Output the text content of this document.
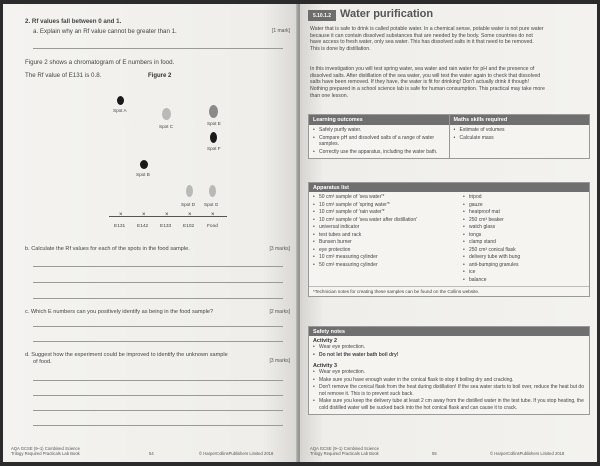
2. Rf values fall between 0 and 1.
a. Explain why an Rf value cannot be greater than 1.	[1 mark]
Figure 2 shows a chromatogram of E numbers in food.
The Rf value of E131 is 0.8.	Figure 2
Spot A
Spot C
Spot E
Spot F
Spot B
Spot D Spot G
×	×	×	×	×
E131 E142 E133 E102	Food
b. Calculate the Rf values for each of the spots in the food sample.	[3 marks]
c. Which E numbers can you positively identify as being in the food sample?	[2 marks]
d. Suggest how the experiment could be improved to identify the unknown sample
of food.	[3 marks]
AQA GCSE (9–1) Combined Science
Trilogy Required Practicals Lab Book	54	© HarperCollinsPublishers Limited 2018
5.10.1.2 Water purification
Water that is safe to drink is called potable water. In a chemical sense, potable water is not pure water
because it can contain dissolved substances that are needed by the body. Some countries do not
have access to fresh water, only sea water. This has dissolved salts in it that need to be removed.
This is done by distillation.
In this investigation you will test spring water, sea water and rain water for pH and the presence of
dissolved salts. After distillation of the sea water, you will test the water again to check that dissolved
salts have been removed. If they have, the water is fit for drinking! Don't actually drink it though!
Nothing prepared in a school science lab is safe for human consumption. This practical may take more
than one lesson.
Learning outcomes	Maths skills required
• Safely purify water.
• Compare pH and dissolved salts of a range of water samples.
• Correctly use the apparatus, including the water bath.
• Estimate of volumes
• Calculate mass
Apparatus list
• 50 cm³ sample of 'sea water'*	• tripod
• 10 cm³ sample of 'spring water'*	• gauze
• 10 cm³ sample of 'rain water'*	• heatproof mat
• 10 cm³ sample of 'sea water after distillation'	• 250 cm³ beaker
• universal indicator	• watch glass
• test tubes and rack	• tongs
• Bunsen burner	• clamp stand
• eye protection	• 250 cm³ conical flask
• 10 cm³ measuring cylinder	• delivery tube with bung
• 50 cm³ measuring cylinder	• anti-bumping granules
• ice
• balance
*Technician notes for creating these samples can be found on the Collins website.
Safety notes
Activity 2
• Wear eye protection.
• Do not let the water bath boil dry!
Activity 3
• Wear eye protection.
• Make sure you have enough water in the conical flask to stop it boiling dry and cracking.
• Don't remove the conical flask from the heat during distillation! If the sea water starts to boil over, reduce the heat but do not remove it. This is to prevent suck back.
• Make sure you keep the delivery tube at least 2 cm away from the distilled water in the test tube. If you stop heating, the cold distilled water will be sucked back into the hot conical flask and can cause it to crack.
AQA GCSE (9–1) Combined Science
Trilogy Required Practicals Lab Book	55	© HarperCollinsPublishers Limited 2018
